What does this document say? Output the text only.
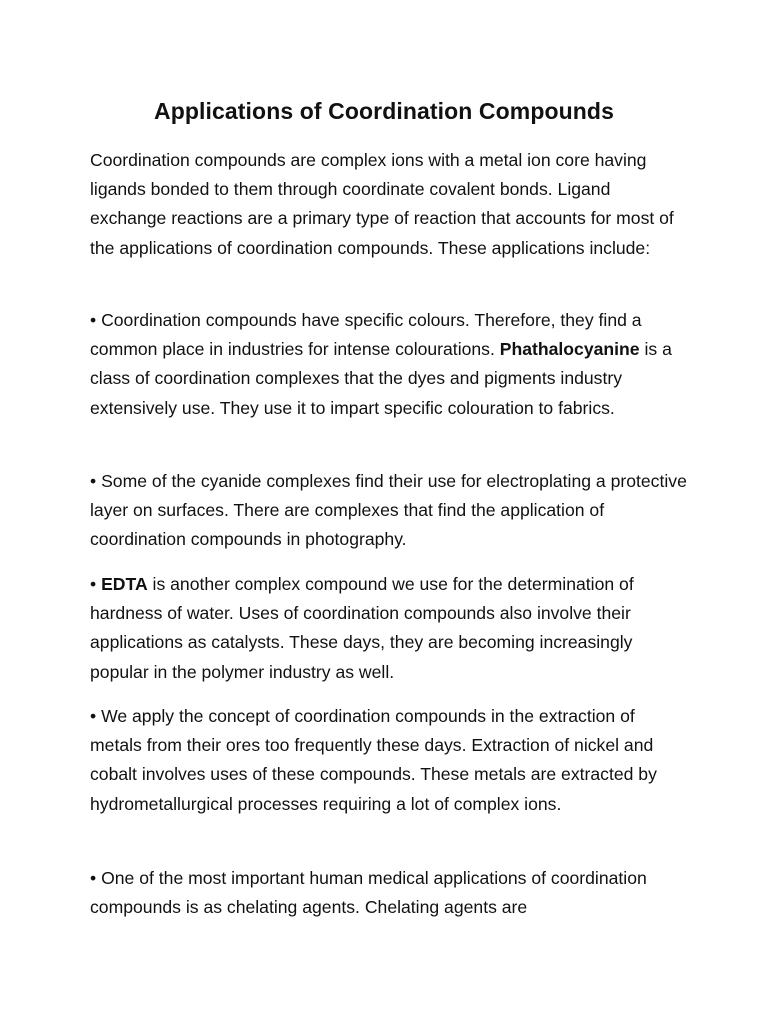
Applications of Coordination Compounds

Coordination compounds are complex ions with a metal ion core having ligands bonded to them through coordinate covalent bonds. Ligand exchange reactions are a primary type of reaction that accounts for most of the applications of coordination compounds. These applications include:

• Coordination compounds have specific colours. Therefore, they find a common place in industries for intense colourations. Phathalocyanine is a class of coordination complexes that the dyes and pigments industry extensively use. They use it to impart specific colouration to fabrics.

• Some of the cyanide complexes find their use for electroplating a protective layer on surfaces. There are complexes that find the application of coordination compounds in photography.

• EDTA is another complex compound we use for the determination of hardness of water. Uses of coordination compounds also involve their applications as catalysts. These days, they are becoming increasingly popular in the polymer industry as well.

• We apply the concept of coordination compounds in the extraction of metals from their ores too frequently these days. Extraction of nickel and cobalt involves uses of these compounds. These metals are extracted by hydrometallurgical processes requiring a lot of complex ions.

• One of the most important human medical applications of coordination compounds is as chelating agents. Chelating agents are
